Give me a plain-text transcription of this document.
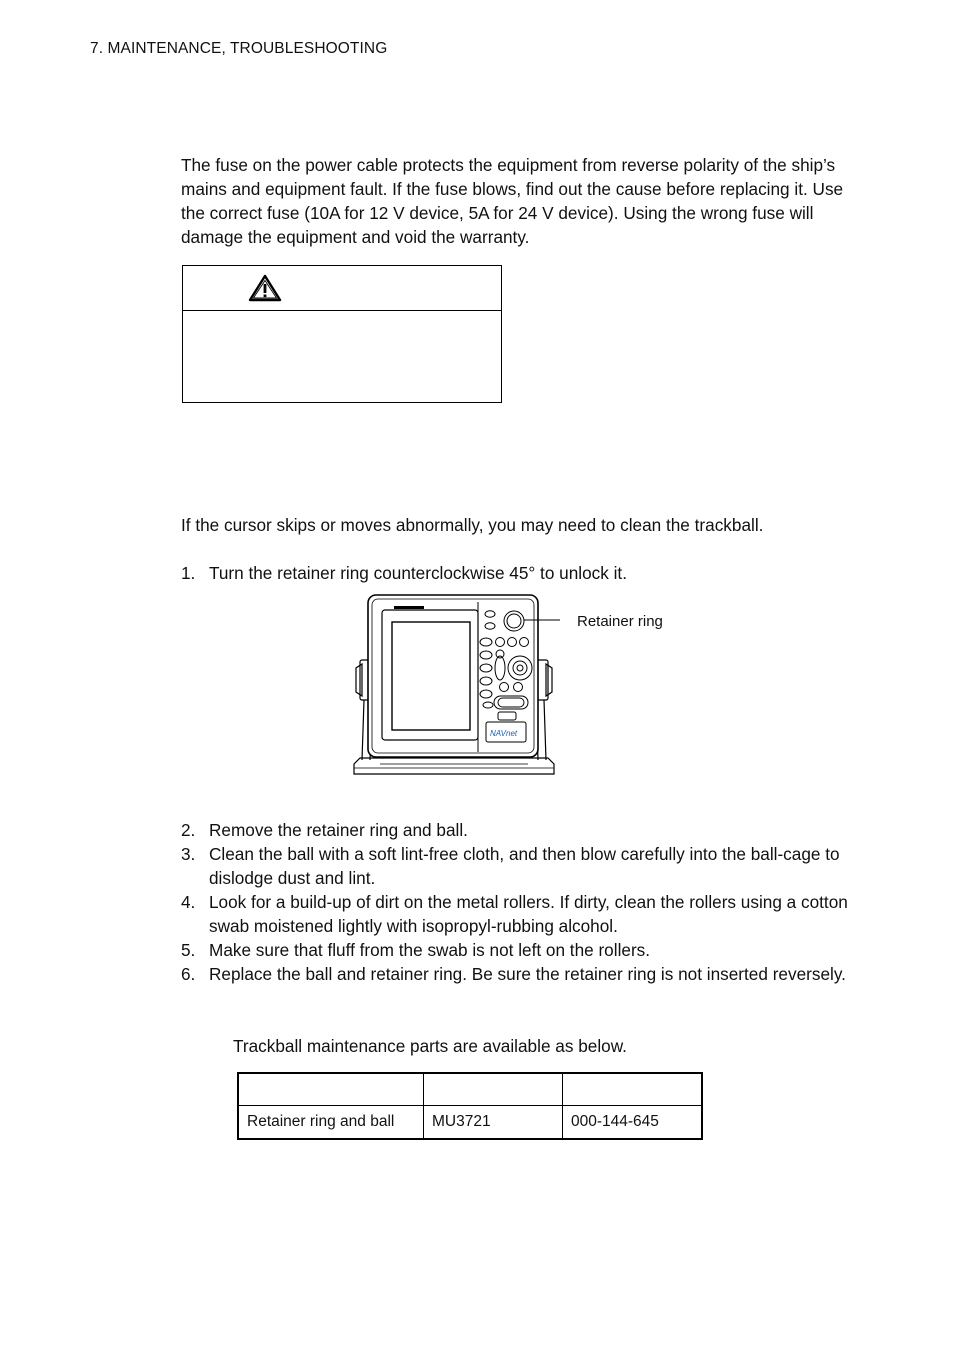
7. MAINTENANCE, TROUBLESHOOTING
The fuse on the power cable protects the equipment from reverse polarity of the ship’s mains and equipment fault. If the fuse blows, find out the cause before replacing it. Use the correct fuse (10A for 12 V device, 5A for 24 V device). Using the wrong fuse will damage the equipment and void the warranty.
If the cursor skips or moves abnormally, you may need to clean the trackball.
1. Turn the retainer ring counterclockwise 45° to unlock it.
NAVnet
Retainer ring
2. Remove the retainer ring and ball.
3. Clean the ball with a soft lint-free cloth, and then blow carefully into the ball-cage to dislodge dust and lint.
4. Look for a build-up of dirt on the metal rollers. If dirty, clean the rollers using a cotton swab moistened lightly with isopropyl-rubbing alcohol.
5. Make sure that fluff from the swab is not left on the rollers.
6. Replace the ball and retainer ring. Be sure the retainer ring is not inserted reversely.
Trackball maintenance parts are available as below.

Retainer ring and ball	MU3721	000-144-645
